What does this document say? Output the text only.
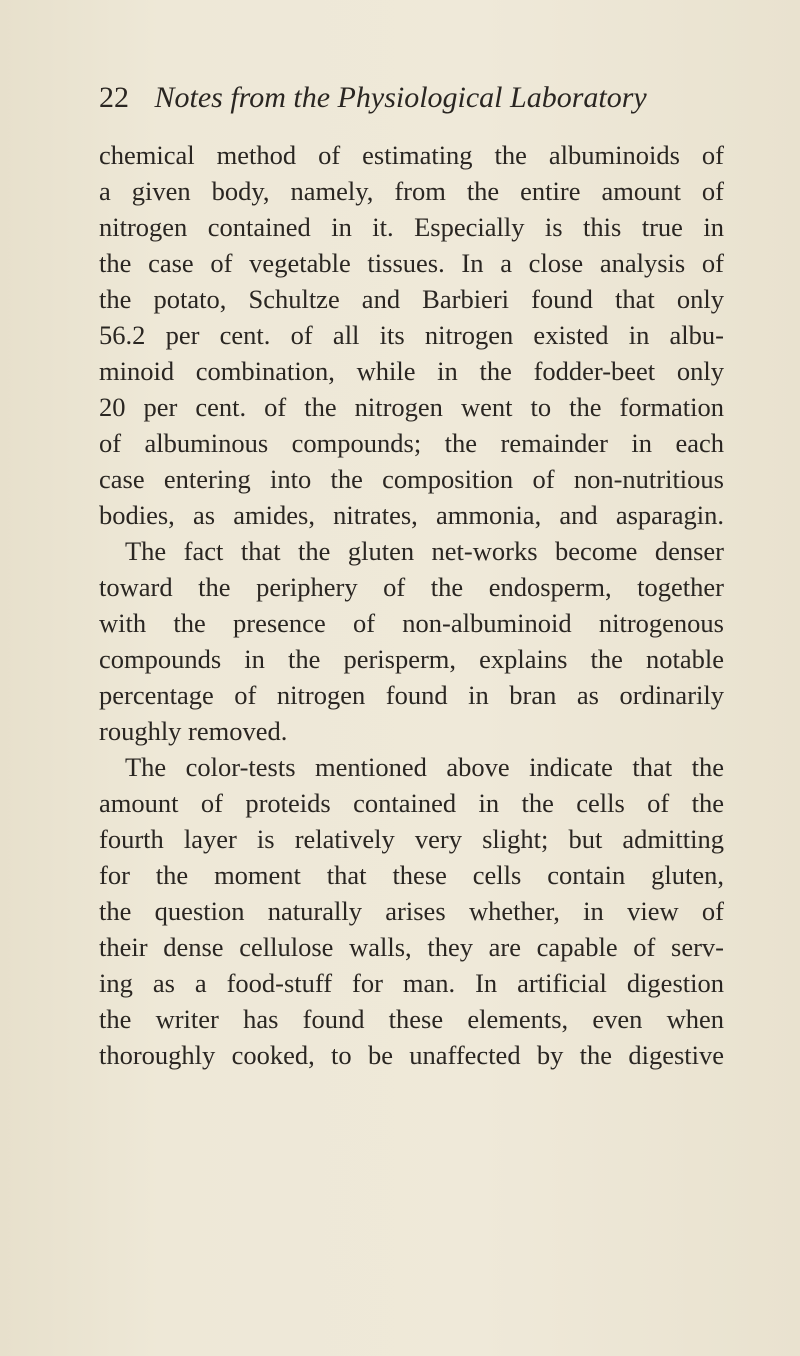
22 Notes from the Physiological Laboratory
chemical method of estimating the albuminoids of
a given body, namely, from the entire amount of
nitrogen contained in it. Especially is this true in
the case of vegetable tissues. In a close analysis of
the potato, Schultze and Barbieri found that only
56.2 per cent. of all its nitrogen existed in albu-
minoid combination, while in the fodder-beet only
20 per cent. of the nitrogen went to the formation
of albuminous compounds; the remainder in each
case entering into the composition of non-nutritious
bodies, as amides, nitrates, ammonia, and asparagin.
The fact that the gluten net-works become denser
toward the periphery of the endosperm, together
with the presence of non-albuminoid nitrogenous
compounds in the perisperm, explains the notable
percentage of nitrogen found in bran as ordinarily
roughly removed.
The color-tests mentioned above indicate that the
amount of proteids contained in the cells of the
fourth layer is relatively very slight; but admitting
for the moment that these cells contain gluten,
the question naturally arises whether, in view of
their dense cellulose walls, they are capable of serv-
ing as a food-stuff for man. In artificial digestion
the writer has found these elements, even when
thoroughly cooked, to be unaffected by the digestive
